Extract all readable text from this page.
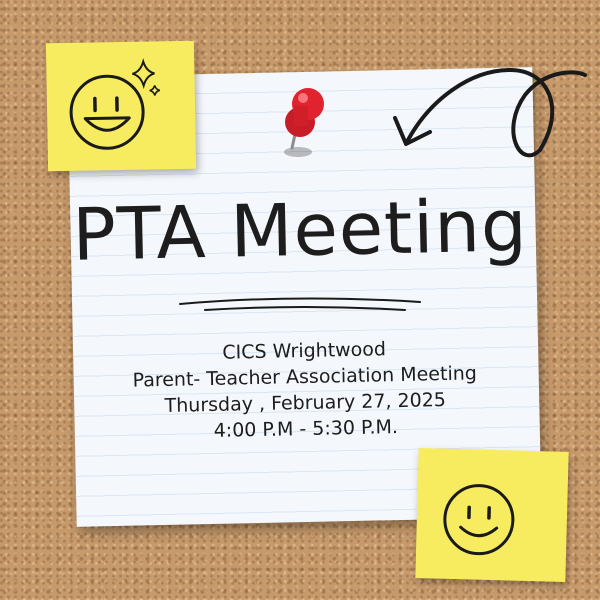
PTA Meeting
CICS Wrightwood
Parent- Teacher Association Meeting
Thursday , February 27, 2025
4:00 P.M - 5:30 P.M.
